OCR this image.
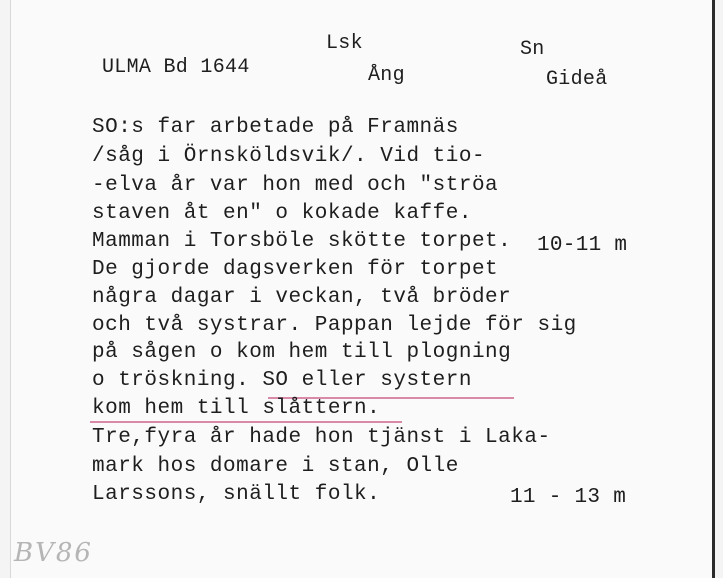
ULMA Bd 1644
Lsk
Ång
Sn
Gideå
SO:s far arbetade på Framnäs
/såg i Örnsköldsvik/. Vid tio-
-elva år var hon med och "ströa
staven åt en" o kokade kaffe.
Mamman i Torsböle skötte torpet. 10-11 m
De gjorde dagsverken för torpet
några dagar i veckan, två bröder
och två systrar. Pappan lejde för sig
på sågen o kom hem till plogning
o tröskning. SO eller systern
kom hem till slåttern.
Tre,fyra år hade hon tjänst i Laka-
mark hos domare i stan, Olle
Larssons, snällt folk.	11 - 13 m
BV86
